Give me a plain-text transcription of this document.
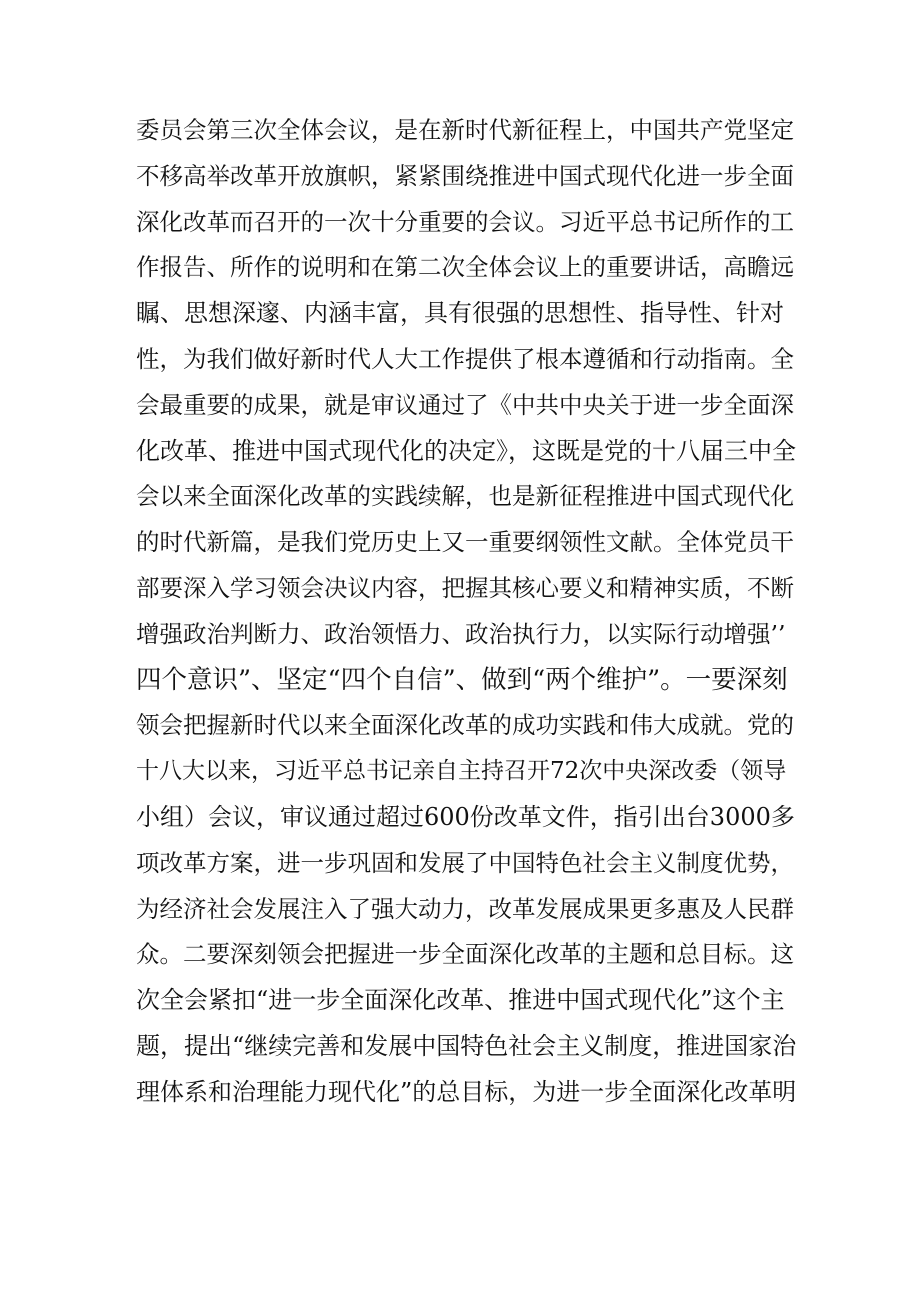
委员会第三次全体会议，是在新时代新征程上，中国共产党坚定
不移高举改革开放旗帜，紧紧围绕推进中国式现代化进一步全面
深化改革而召开的一次十分重要的会议。习近平总书记所作的工
作报告、所作的说明和在第二次全体会议上的重要讲话，高瞻远
瞩、思想深邃、内涵丰富，具有很强的思想性、指导性、针对
性，为我们做好新时代人大工作提供了根本遵循和行动指南。全
会最重要的成果，就是审议通过了《中共中央关于进一步全面深
化改革、推进中国式现代化的决定》，这既是党的十八届三中全
会以来全面深化改革的实践续解，也是新征程推进中国式现代化
的时代新篇，是我们党历史上又一重要纲领性文献。全体党员干
部要深入学习领会决议内容，把握其核心要义和精神实质，不断
增强政治判断力、政治领悟力、政治执行力，以实际行动增强’’
四个意识”、坚定“四个自信”、做到“两个维护”。一要深刻
领会把握新时代以来全面深化改革的成功实践和伟大成就。党的
十八大以来，习近平总书记亲自主持召开72次中央深改委（领导
小组）会议，审议通过超过600份改革文件，指引出台3000多
项改革方案，进一步巩固和发展了中国特色社会主义制度优势，
为经济社会发展注入了强大动力，改革发展成果更多惠及人民群
众。二要深刻领会把握进一步全面深化改革的主题和总目标。这
次全会紧扣“进一步全面深化改革、推进中国式现代化”这个主
题，提出“继续完善和发展中国特色社会主义制度，推进国家治
理体系和治理能力现代化”的总目标，为进一步全面深化改革明
